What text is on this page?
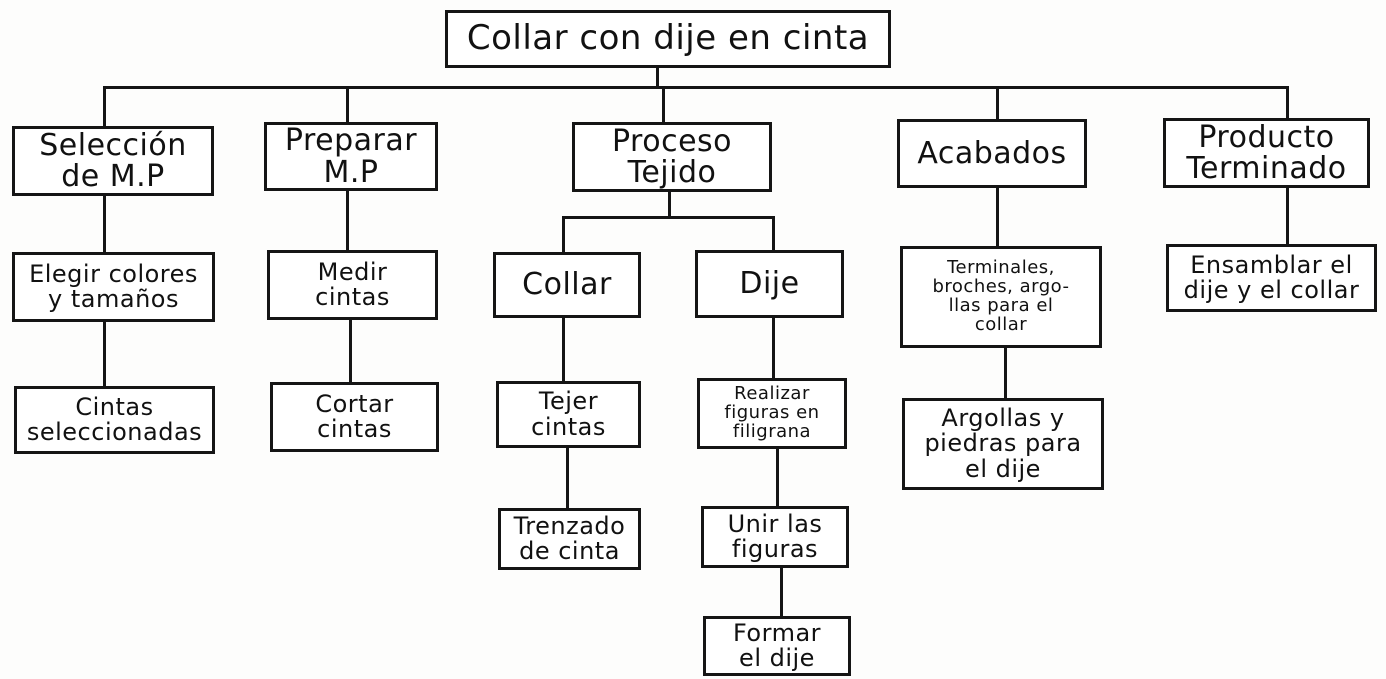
Collar con dije en cinta
Selección
de M.P
Elegir colores
y tamaños
Cintas
seleccionadas
Preparar
M.P
Medir
cintas
Cortar
cintas
Proceso
Tejido
Collar
Tejer
cintas
Trenzado
de cinta
Dije
Realizar
figuras en
filigrana
Unir las
figuras
Formar
el dije
Acabados
Terminales,
broches, argo-
llas para el
collar
Argollas y
piedras para
el dije
Producto
Terminado
Ensamblar el
dije y el collar
